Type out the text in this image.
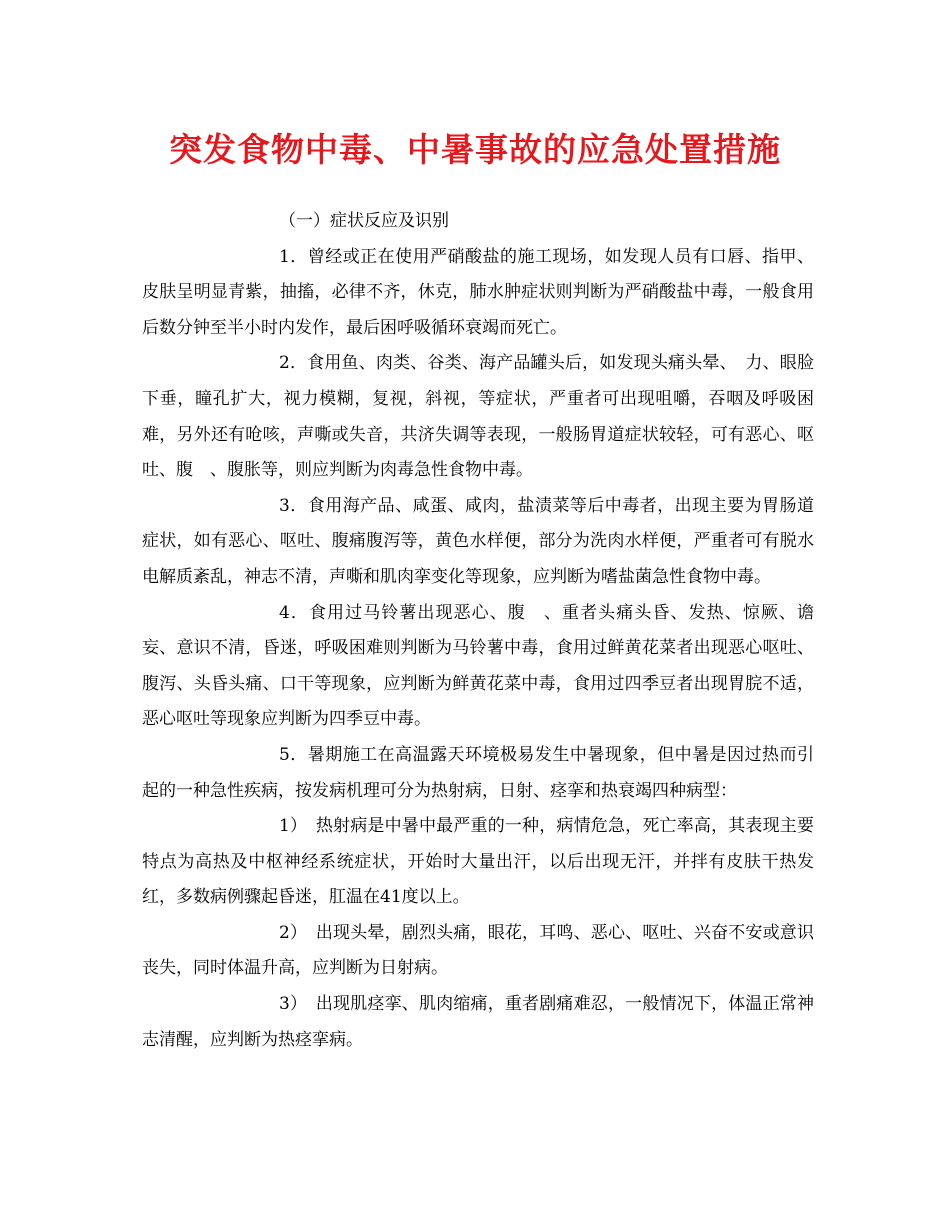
突发食物中毒、中暑事故的应急处置措施

（一）症状反应及识别

1．曾经或正在使用严硝酸盐的施工现场，如发现人员有口唇、指甲、皮肤呈明显青紫，抽搐，必律不齐，休克，肺水肿症状则判断为严硝酸盐中毒，一般食用后数分钟至半小时内发作，最后困呼吸循环衰竭而死亡。

2．食用鱼、肉类、谷类、海产品罐头后，如发现头痛头晕、　力、眼脸下垂，瞳孔扩大，视力模糊，复视，斜视，等症状，严重者可出现咀嚼，吞咽及呼吸困难，另外还有呛咳，声嘶或失音，共济失调等表现，一般肠胃道症状较轻，可有恶心、呕吐、腹　、腹胀等，则应判断为肉毒急性食物中毒。

3．食用海产品、咸蛋、咸肉，盐渍菜等后中毒者，出现主要为胃肠道症状，如有恶心、呕吐、腹痛腹泻等，黄色水样便，部分为洗肉水样便，严重者可有脱水电解质紊乱，神志不清，声嘶和肌肉挛变化等现象，应判断为嗜盐菌急性食物中毒。

4．食用过马铃薯出现恶心、腹　、重者头痛头昏、发热、惊厥、谵妄、意识不清，昏迷，呼吸困难则判断为马铃薯中毒，食用过鲜黄花菜者出现恶心呕吐、腹泻、头昏头痛、口干等现象，应判断为鲜黄花菜中毒，食用过四季豆者出现胃脘不适，恶心呕吐等现象应判断为四季豆中毒。

5．暑期施工在高温露天环境极易发生中暑现象，但中暑是因过热而引起的一种急性疾病，按发病机理可分为热射病，日射、痉挛和热衰竭四种病型：

1）　热射病是中暑中最严重的一种，病情危急，死亡率高，其表现主要特点为高热及中枢神经系统症状，开始时大量出汗，以后出现无汗，并拌有皮肤干热发红，多数病例骤起昏迷，肛温在41度以上。

2）　出现头晕，剧烈头痛，眼花，耳鸣、恶心、呕吐、兴奋不安或意识丧失，同时体温升高，应判断为日射病。

3）　出现肌痉挛、肌肉缩痛，重者剧痛难忍，一般情况下，体温正常神志清醒，应判断为热痉挛病。
